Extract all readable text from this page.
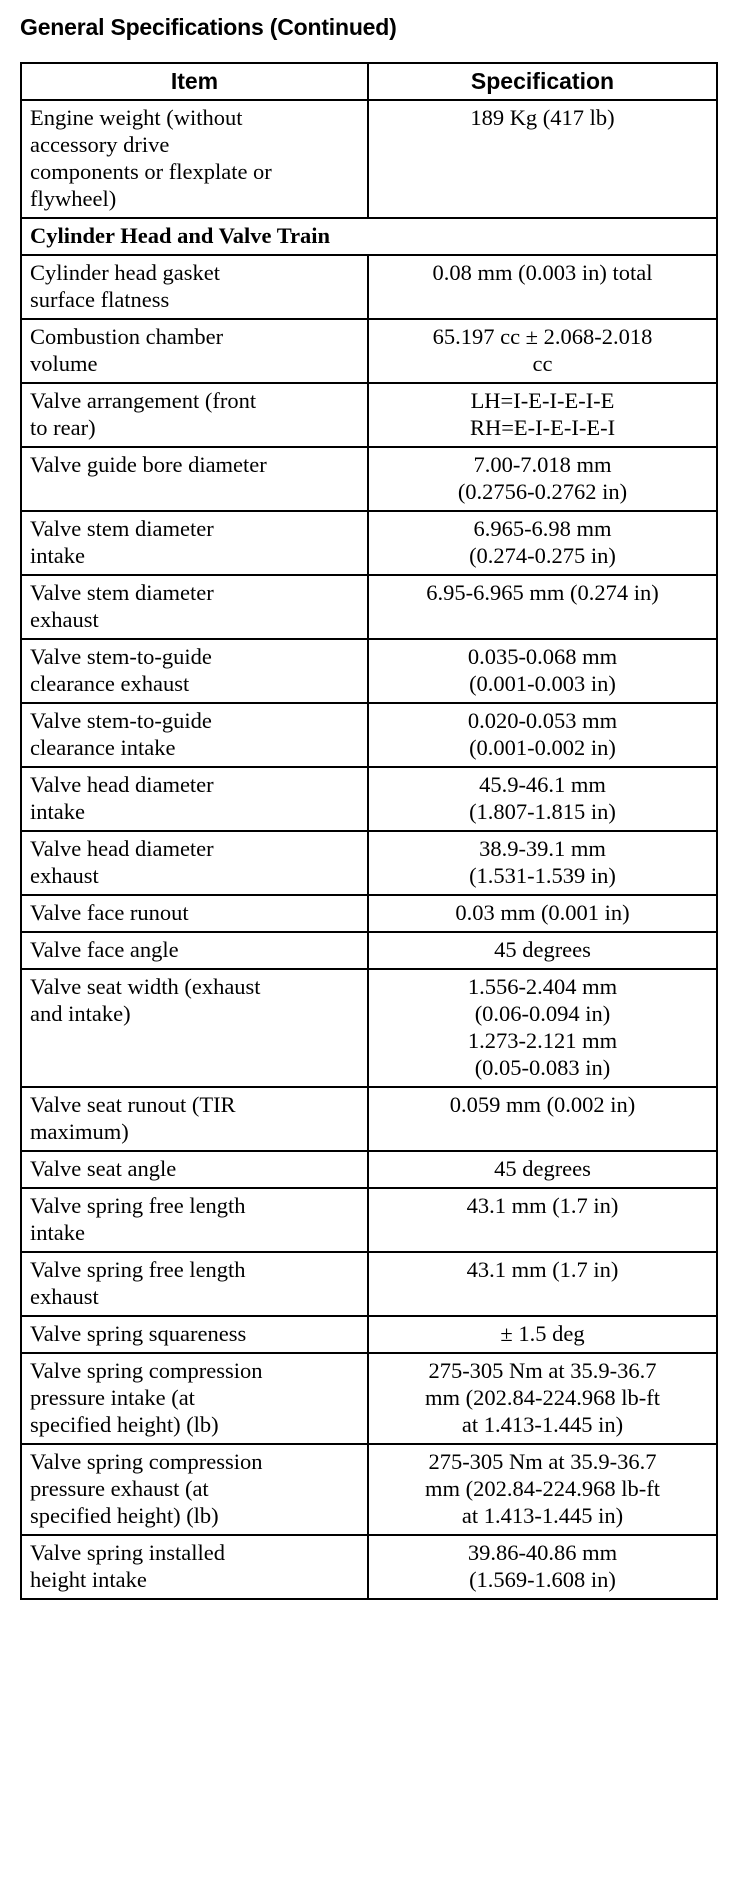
General Specifications (Continued)
Item	Specification

Engine weight (without
accessory drive
components or flexplate or
flywheel)	189 Kg (417 lb)

Cylinder Head and Valve Train	

Cylinder head gasket
surface flatness	0.08 mm (0.003 in) total

Combustion chamber
volume	65.197 cc ± 2.068-2.018
cc

Valve arrangement (front
to rear)	LH=I-E-I-E-I-E
RH=E-I-E-I-E-I

Valve guide bore diameter	7.00-7.018 mm
(0.2756-0.2762 in)

Valve stem diameter
intake	6.965-6.98 mm
(0.274-0.275 in)

Valve stem diameter
exhaust	6.95-6.965 mm (0.274 in)

Valve stem-to-guide
clearance exhaust	0.035-0.068 mm
(0.001-0.003 in)

Valve stem-to-guide
clearance intake	0.020-0.053 mm
(0.001-0.002 in)

Valve head diameter
intake	45.9-46.1 mm
(1.807-1.815 in)

Valve head diameter
exhaust	38.9-39.1 mm
(1.531-1.539 in)

Valve face runout	0.03 mm (0.001 in)

Valve face angle	45 degrees

Valve seat width (exhaust
and intake)	1.556-2.404 mm
(0.06-0.094 in)
1.273-2.121 mm
(0.05-0.083 in)

Valve seat runout (TIR
maximum)	0.059 mm (0.002 in)

Valve seat angle	45 degrees

Valve spring free length
intake	43.1 mm (1.7 in)

Valve spring free length
exhaust	43.1 mm (1.7 in)

Valve spring squareness	± 1.5 deg

Valve spring compression
pressure intake (at
specified height) (lb)	275-305 Nm at 35.9-36.7
mm (202.84-224.968 lb-ft
at 1.413-1.445 in)

Valve spring compression
pressure exhaust (at
specified height) (lb)	275-305 Nm at 35.9-36.7
mm (202.84-224.968 lb-ft
at 1.413-1.445 in)

Valve spring installed
height intake	39.86-40.86 mm
(1.569-1.608 in)
